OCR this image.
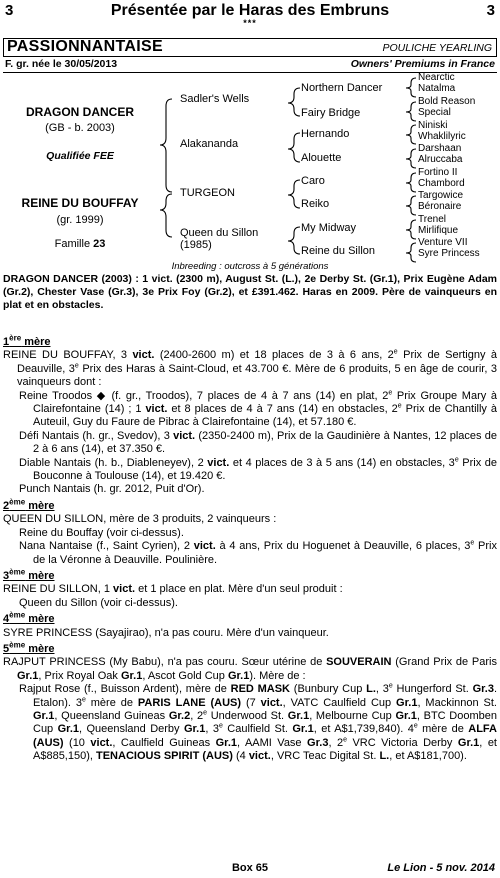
3	Présentée par le Haras des Embruns	3
***
PASSIONNANTAISE	POULICHE YEARLING
F. gr. née le 30/05/2013	Owners' Premiums in France
DRAGON DANCER
(GB - b. 2003)
Qualifiée FEE
REINE DU BOUFFAY
(gr. 1999)
Famille 23
Sadler's Wells
Alakananda
TURGEON
Queen du Sillon
(1985)
Northern Dancer
Fairy Bridge
Hernando
Alouette
Caro
Reiko
My Midway
Reine du Sillon
Nearctic
Natalma
Bold Reason
Special
Niniski
Whaklilyric
Darshaan
Alruccaba
Fortino II
Chambord
Targowice
Béronaire
Trenel
Mirlifique
Venture VII
Syre Princess
Inbreeding : outcross à 5 générations
DRAGON DANCER (2003) : 1 vict. (2300 m), August St. (L.), 2e Derby St. (Gr.1), Prix Eugène Adam (Gr.2), Chester Vase (Gr.3), 3e Prix Foy (Gr.2), et £391.462. Haras en 2009. Père de vainqueurs en plat et en obstacles.
1ère mère
REINE DU BOUFFAY, 3 vict. (2400-2600 m) et 18 places de 3 à 6 ans, 2e Prix de Sertigny à Deauville, 3e Prix des Haras à Saint-Cloud, et 43.700 €. Mère de 6 produits, 5 en âge de courir, 3 vainqueurs dont :
Reine Troodos ◆ (f. gr., Troodos), 7 places de 4 à 7 ans (14) en plat, 2e Prix Groupe Mary à Clairefontaine (14) ; 1 vict. et 8 places de 4 à 7 ans (14) en obstacles, 2e Prix de Chantilly à Auteuil, Guy du Faure de Pibrac à Clairefontaine (14), et 57.180 €.
Défi Nantais (h. gr., Svedov), 3 vict. (2350-2400 m), Prix de la Gaudinière à Nantes, 12 places de 2 à 6 ans (14), et 37.350 €.
Diable Nantais (h. b., Diableneyev), 2 vict. et 4 places de 3 à 5 ans (14) en obstacles, 3e Prix de Bouconne à Toulouse (14), et 19.420 €.
Punch Nantais (h. gr. 2012, Puit d'Or).
2ème mère
QUEEN DU SILLON, mère de 3 produits, 2 vainqueurs :
Reine du Bouffay (voir ci-dessus).
Nana Nantaise (f., Saint Cyrien), 2 vict. à 4 ans, Prix du Hoguenet à Deauville, 6 places, 3e Prix de la Véronne à Deauville. Poulinière.
3ème mère
REINE DU SILLON, 1 vict. et 1 place en plat. Mère d'un seul produit :
Queen du Sillon (voir ci-dessus).
4ème mère
SYRE PRINCESS (Sayajirao), n'a pas couru. Mère d'un vainqueur.
5ème mère
RAJPUT PRINCESS (My Babu), n'a pas couru. Sœur utérine de SOUVERAIN (Grand Prix de Paris Gr.1, Prix Royal Oak Gr.1, Ascot Gold Cup Gr.1). Mère de :
Rajput Rose (f., Buisson Ardent), mère de RED MASK (Bunbury Cup L., 3e Hungerford St. Gr.3. Etalon). 3e mère de PARIS LANE (AUS) (7 vict., VATC Caulfield Cup Gr.1, Mackinnon St. Gr.1, Queensland Guineas Gr.2, 2e Underwood St. Gr.1, Melbourne Cup Gr.1, BTC Doomben Cup Gr.1, Queensland Derby Gr.1, 3e Caulfield St. Gr.1, et A$1,739,840). 4e mère de ALFA (AUS) (10 vict., Caulfield Guineas Gr.1, AAMI Vase Gr.3, 2e VRC Victoria Derby Gr.1, et A$885,150), TENACIOUS SPIRIT (AUS) (4 vict., VRC Teac Digital St. L., et A$181,700).
Box 65	Le Lion - 5 nov. 2014
